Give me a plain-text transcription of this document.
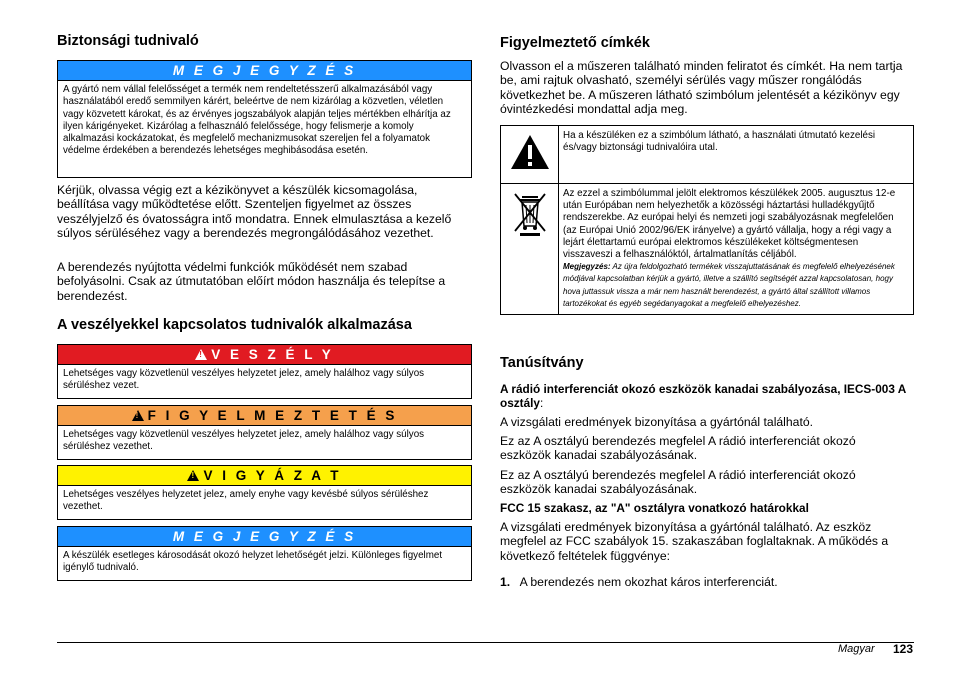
Biztonsági tudnivaló
M E G J E G Y Z É S
A gyártó nem vállal felelősséget a termék nem rendeltetésszerű alkalmazásából vagy használatából eredő semmilyen kárért, beleértve de nem kizárólag a közvetlen, véletlen vagy közvetett károkat, és az érvényes jogszabályok alapján teljes mértékben elhárítja az ilyen kárigényeket. Kizárólag a felhasználó felelőssége, hogy felismerje a komoly alkalmazási kockázatokat, és megfelelő mechanizmusokat szereljen fel a folyamatok védelme érdekében a berendezés lehetséges meghibásodása esetén.

Kérjük, olvassa végig ezt a kézikönyvet a készülék kicsomagolása, beállítása vagy működtetése előtt. Szenteljen figyelmet az összes veszélyjelző és óvatosságra intő mondatra. Ennek elmulasztása a kezelő súlyos sérüléséhez vagy a berendezés megrongálódásához vezethet.

A berendezés nyújtotta védelmi funkciók működését nem szabad befolyásolni. Csak az útmutatóban előírt módon használja és telepítse a berendezést.

A veszélyekkel kapcsolatos tudnivalók alkalmazása
!V E S Z É L Y
Lehetséges vagy közvetlenül veszélyes helyzetet jelez, amely halálhoz vagy súlyos sérüléshez vezet.
!F I G Y E L M E Z T E T É S
Lehetséges vagy közvetlenül veszélyes helyzetet jelez, amely halálhoz vagy súlyos sérüléshez vezethet.
!V I G Y Á Z A T
Lehetséges veszélyes helyzetet jelez, amely enyhe vagy kevésbé súlyos sérüléshez vezethet.
M E G J E G Y Z É S
A készülék esetleges károsodását okozó helyzet lehetőségét jelzi. Különleges figyelmet igénylő tudnivaló.
Figyelmeztető címkék

Olvasson el a műszeren található minden feliratot és címkét. Ha nem tartja be, ami rajtuk olvasható, személyi sérülés vagy műszer rongálódás következhet be. A műszeren látható szimbólum jelentését a kézikönyv egy óvintézkedési mondattal adja meg.

	Ha a készüléken ez a szimbólum látható, a használati útmutató kezelési és/vagy biztonsági tudnivalóira utal.
	Az ezzel a szimbólummal jelölt elektromos készülékek 2005. augusztus 12-e után Európában nem helyezhetők a közösségi háztartási hulladékgyűjtő rendszerekbe. Az európai helyi és nemzeti jogi szabályozásnak megfelelően (az Európai Unió 2002/96/EK irányelve) a gyártó vállalja, hogy a régi vagy a lejárt élettartamú európai elektromos készülékeket költségmentesen visszaveszi a felhasználóktól, ártalmatlanítás céljából.
Megjegyzés: Az újra feldolgozható termékek visszajuttatásának és megfelelő elhelyezésének módjával kapcsolatban kérjük a gyártó, illetve a szállító segítségét azzal kapcsolatosan, hogy hova juttassuk vissza a már nem használt berendezést, a gyártó által szállított villamos tartozékokat és egyéb segédanyagokat a megfelelő elhelyezéshez.
Tanúsítvány

A rádió interferenciát okozó eszközök kanadai szabályozása, IECS-003 A osztály:

A vizsgálati eredmények bizonyítása a gyártónál található.

Ez az A osztályú berendezés megfelel A rádió interferenciát okozó eszközök kanadai szabályozásának.

Ez az A osztályú berendezés megfelel A rádió interferenciát okozó eszközök kanadai szabályozásának.

FCC 15 szakasz, az "A" osztályra vonatkozó határokkal

A vizsgálati eredmények bizonyítása a gyártónál található. Az eszköz megfelel az FCC szabályok 15. szakaszában foglaltaknak. A működés a következő feltételek függvénye:

1. A berendezés nem okozhat káros interferenciát.
Magyar 123
